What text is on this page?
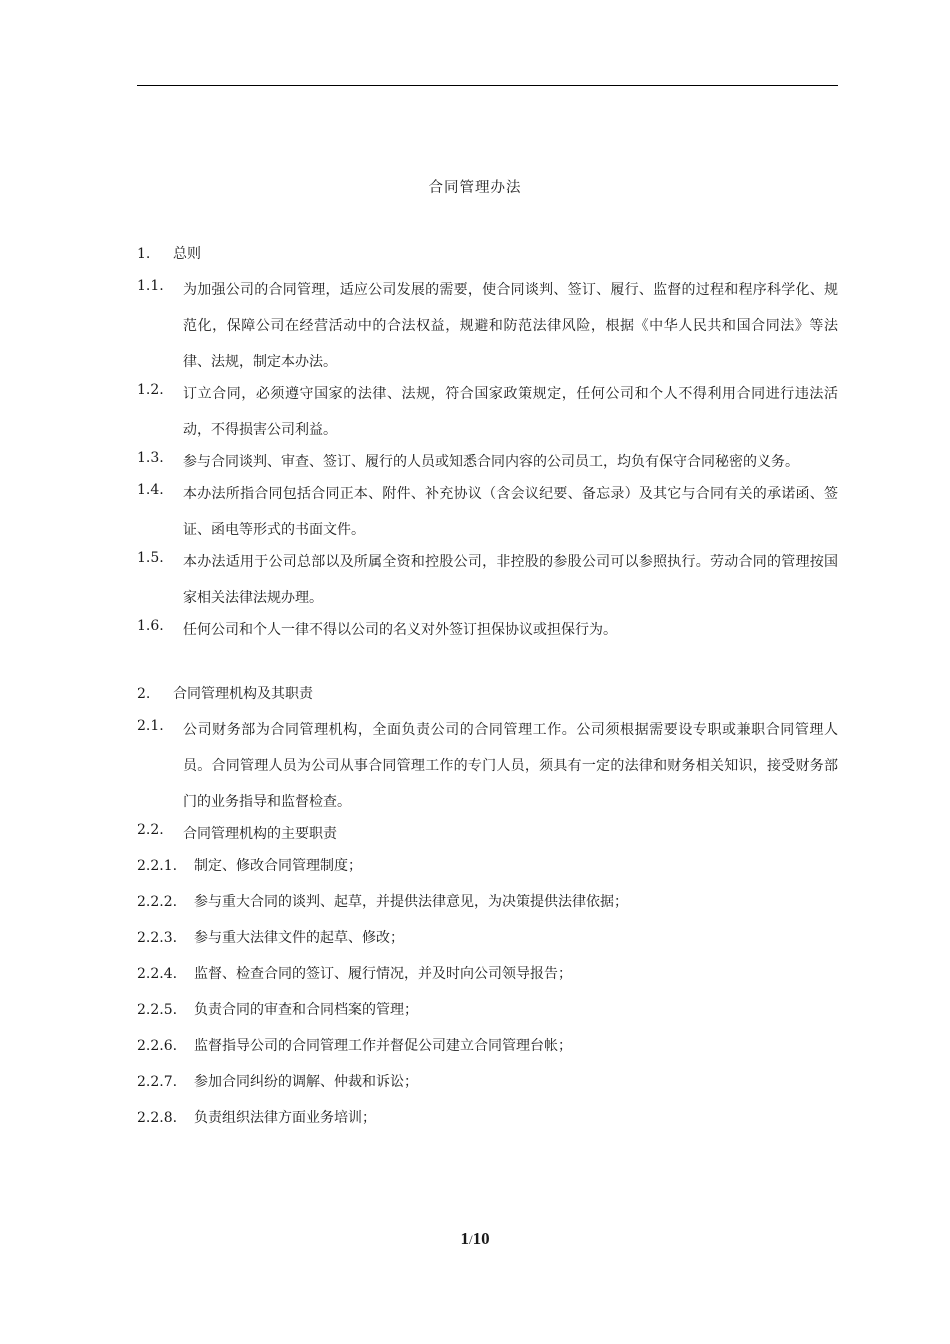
合同管理办法
1. 总则
1.1. 为加强公司的合同管理，适应公司发展的需要，使合同谈判、签订、履行、监督的过程和程序科学化、规范化，保障公司在经营活动中的合法权益，规避和防范法律风险，根据《中华人民共和国合同法》等法律、法规，制定本办法。
1.2. 订立合同，必须遵守国家的法律、法规，符合国家政策规定，任何公司和个人不得利用合同进行违法活动，不得损害公司利益。
1.3. 参与合同谈判、审查、签订、履行的人员或知悉合同内容的公司员工，均负有保守合同秘密的义务。
1.4. 本办法所指合同包括合同正本、附件、补充协议（含会议纪要、备忘录）及其它与合同有关的承诺函、签证、函电等形式的书面文件。
1.5. 本办法适用于公司总部以及所属全资和控股公司，非控股的参股公司可以参照执行。劳动合同的管理按国家相关法律法规办理。
1.6. 任何公司和个人一律不得以公司的名义对外签订担保协议或担保行为。
2. 合同管理机构及其职责
2.1. 公司财务部为合同管理机构，全面负责公司的合同管理工作。公司须根据需要设专职或兼职合同管理人员。合同管理人员为公司从事合同管理工作的专门人员，须具有一定的法律和财务相关知识，接受财务部门的业务指导和监督检查。
2.2. 合同管理机构的主要职责
2.2.1. 制定、修改合同管理制度；
2.2.2. 参与重大合同的谈判、起草，并提供法律意见，为决策提供法律依据；
2.2.3. 参与重大法律文件的起草、修改；
2.2.4. 监督、检查合同的签订、履行情况，并及时向公司领导报告；
2.2.5. 负责合同的审查和合同档案的管理；
2.2.6. 监督指导公司的合同管理工作并督促公司建立合同管理台帐；
2.2.7. 参加合同纠纷的调解、仲裁和诉讼；
2.2.8. 负责组织法律方面业务培训；
1/10
